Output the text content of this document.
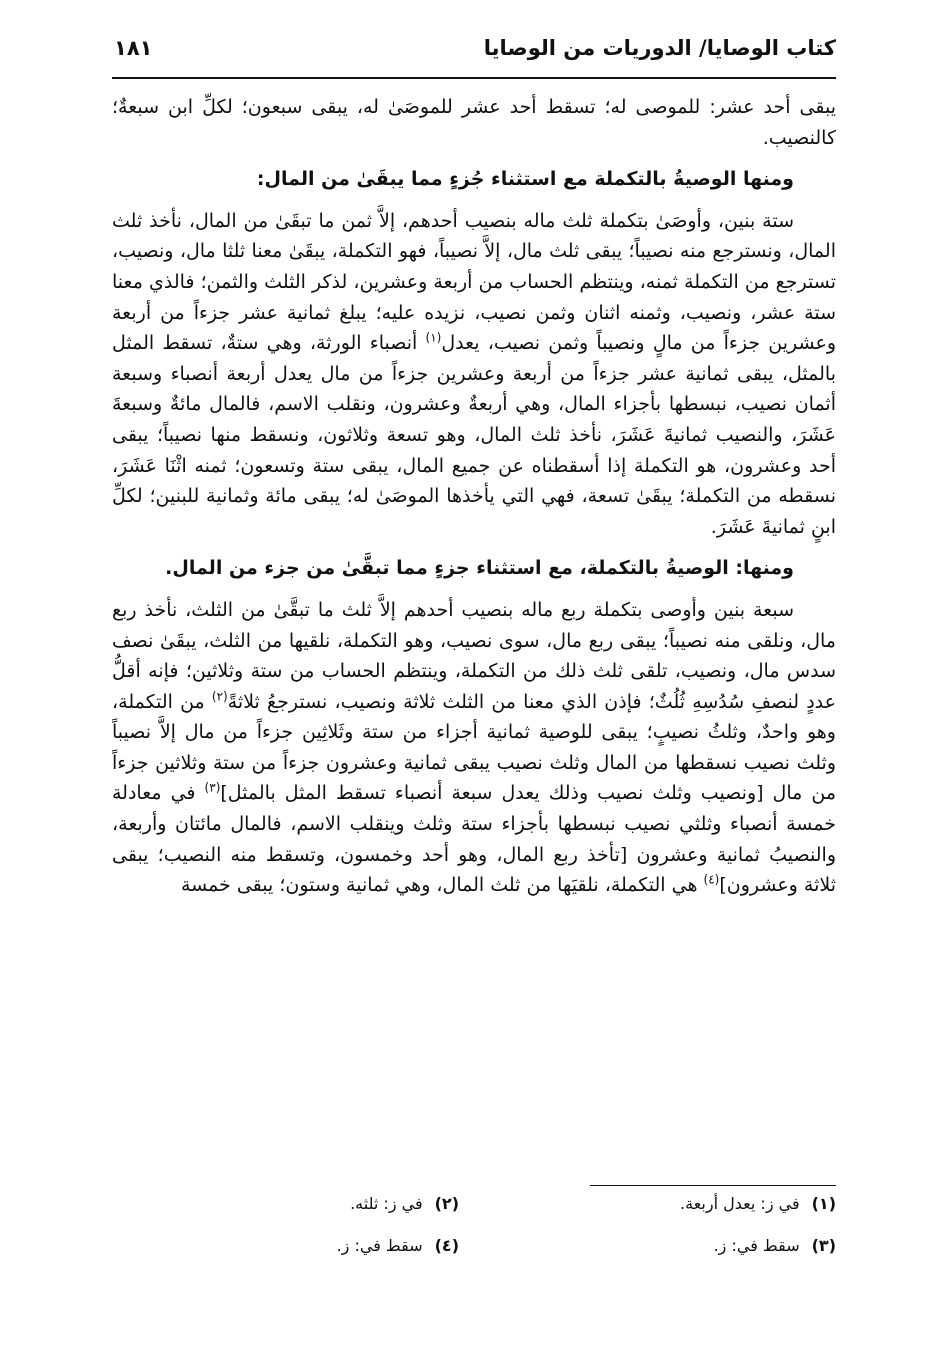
كتاب الوصايا/ الدوريات من الوصايا
١٨١

يبقى أحد عشر: للموصى له؛ تسقط أحد عشر للموصَىٰ له، يبقى سبعون؛ لكلِّ ابن سبعةٌ؛ كالنصيب.

ومنها الوصيةُ بالتكملة مع استثناء جُزءٍ مما يبقَىٰ من المال:

ستة بنين، وأوصَىٰ بتكملة ثلث ماله بنصيب أحدهم، إلاَّ ثمن ما تبقَىٰ من المال، نأخذ ثلث المال، ونسترجع منه نصيباً؛ يبقى ثلث مال، إلاَّ نصيباً، فهو التكملة، يبقَىٰ معنا ثلثا مال، ونصيب، تسترجع من التكملة ثمنه، وينتظم الحساب من أربعة وعشرين، لذكر الثلث والثمن؛ فالذي معنا ستة عشر، ونصيب، وثمنه اثنان وثمن نصيب، نزيده عليه؛ يبلغ ثمانية عشر جزءاً من أربعة وعشرين جزءاً من مالٍ ونصيباً وثمن نصيب، يعدل$^{(١)}$ أنصباء الورثة، وهي ستةٌ، تسقط المثل بالمثل، يبقى ثمانية عشر جزءاً من أربعة وعشرين جزءاً من مال يعدل أربعة أنصباء وسبعة أثمان نصيب، نبسطها بأجزاء المال، وهي أربعةٌ وعشرون، ونقلب الاسم، فالمال مائةٌ وسبعةَ عَشَرَ، والنصيب ثمانيةَ عَشَرَ، نأخذ ثلث المال، وهو تسعة وثلاثون، ونسقط منها نصيباً؛ يبقى أحد وعشرون، هو التكملة إذا أسقطناه عن جميع المال، يبقى ستة وتسعون؛ ثمنه اثْنَا عَشَرَ، نسقطه من التكملة؛ يبقَىٰ تسعة، فهي التي يأخذها الموصَىٰ له؛ يبقى مائة وثمانية للبنين؛ لكلِّ ابنٍ ثمانيةَ عَشَرَ.

ومنها: الوصيةُ بالتكملة، مع استثناء جزءٍ مما تبقَّىٰ من جزء من المال.

سبعة بنين وأوصى بتكملة ربع ماله بنصيب أحدهم إلاَّ ثلث ما تبقَّىٰ من الثلث، نأخذ ربع مال، ونلقى منه نصيباً؛ يبقى ربع مال، سوى نصيب، وهو التكملة، نلقيها من الثلث، يبقَىٰ نصف سدس مال، ونصيب، تلقى ثلث ذلك من التكملة، وينتظم الحساب من ستة وثلاثين؛ فإنه أقلُّ عددٍ لنصفِ سُدُسِهِ ثُلُثٌ؛ فإذن الذي معنا من الثلث ثلاثة ونصيب، نسترجعُ ثلاثةً$^{(٢)}$ من التكملة، وهو واحدٌ، وثلثُ نصيبٍ؛ يبقى للوصية ثمانية أجزاء من ستة وثَلاثِين جزءاً من مال إلاَّ نصيباً وثلث نصيب نسقطها من المال وثلث نصيب يبقى ثمانية وعشرون جزءاً من ستة وثلاثين جزءاً من مال [ونصيب وثلث نصيب وذلك يعدل سبعة أنصباء تسقط المثل بالمثل]$^{(٣)}$ في معادلة خمسة أنصباء وثلثي نصيب نبسطها بأجزاء ستة وثلث وينقلب الاسم، فالمال مائتان وأربعة، والنصيبُ ثمانية وعشرون [تأخذ ربع المال، وهو أحد وخمسون، وتسقط منه النصيب؛ يبقى ثلاثة وعشرون]$^{(٤)}$ هي التكملة، نلقيَها من ثلث المال، وهي ثمانية وستون؛ يبقى خمسة

(١)في ز: يعدل أربعة.
(٢)في ز: ثلثه.
(٣)سقط في: ز.
(٤)سقط في: ز.
